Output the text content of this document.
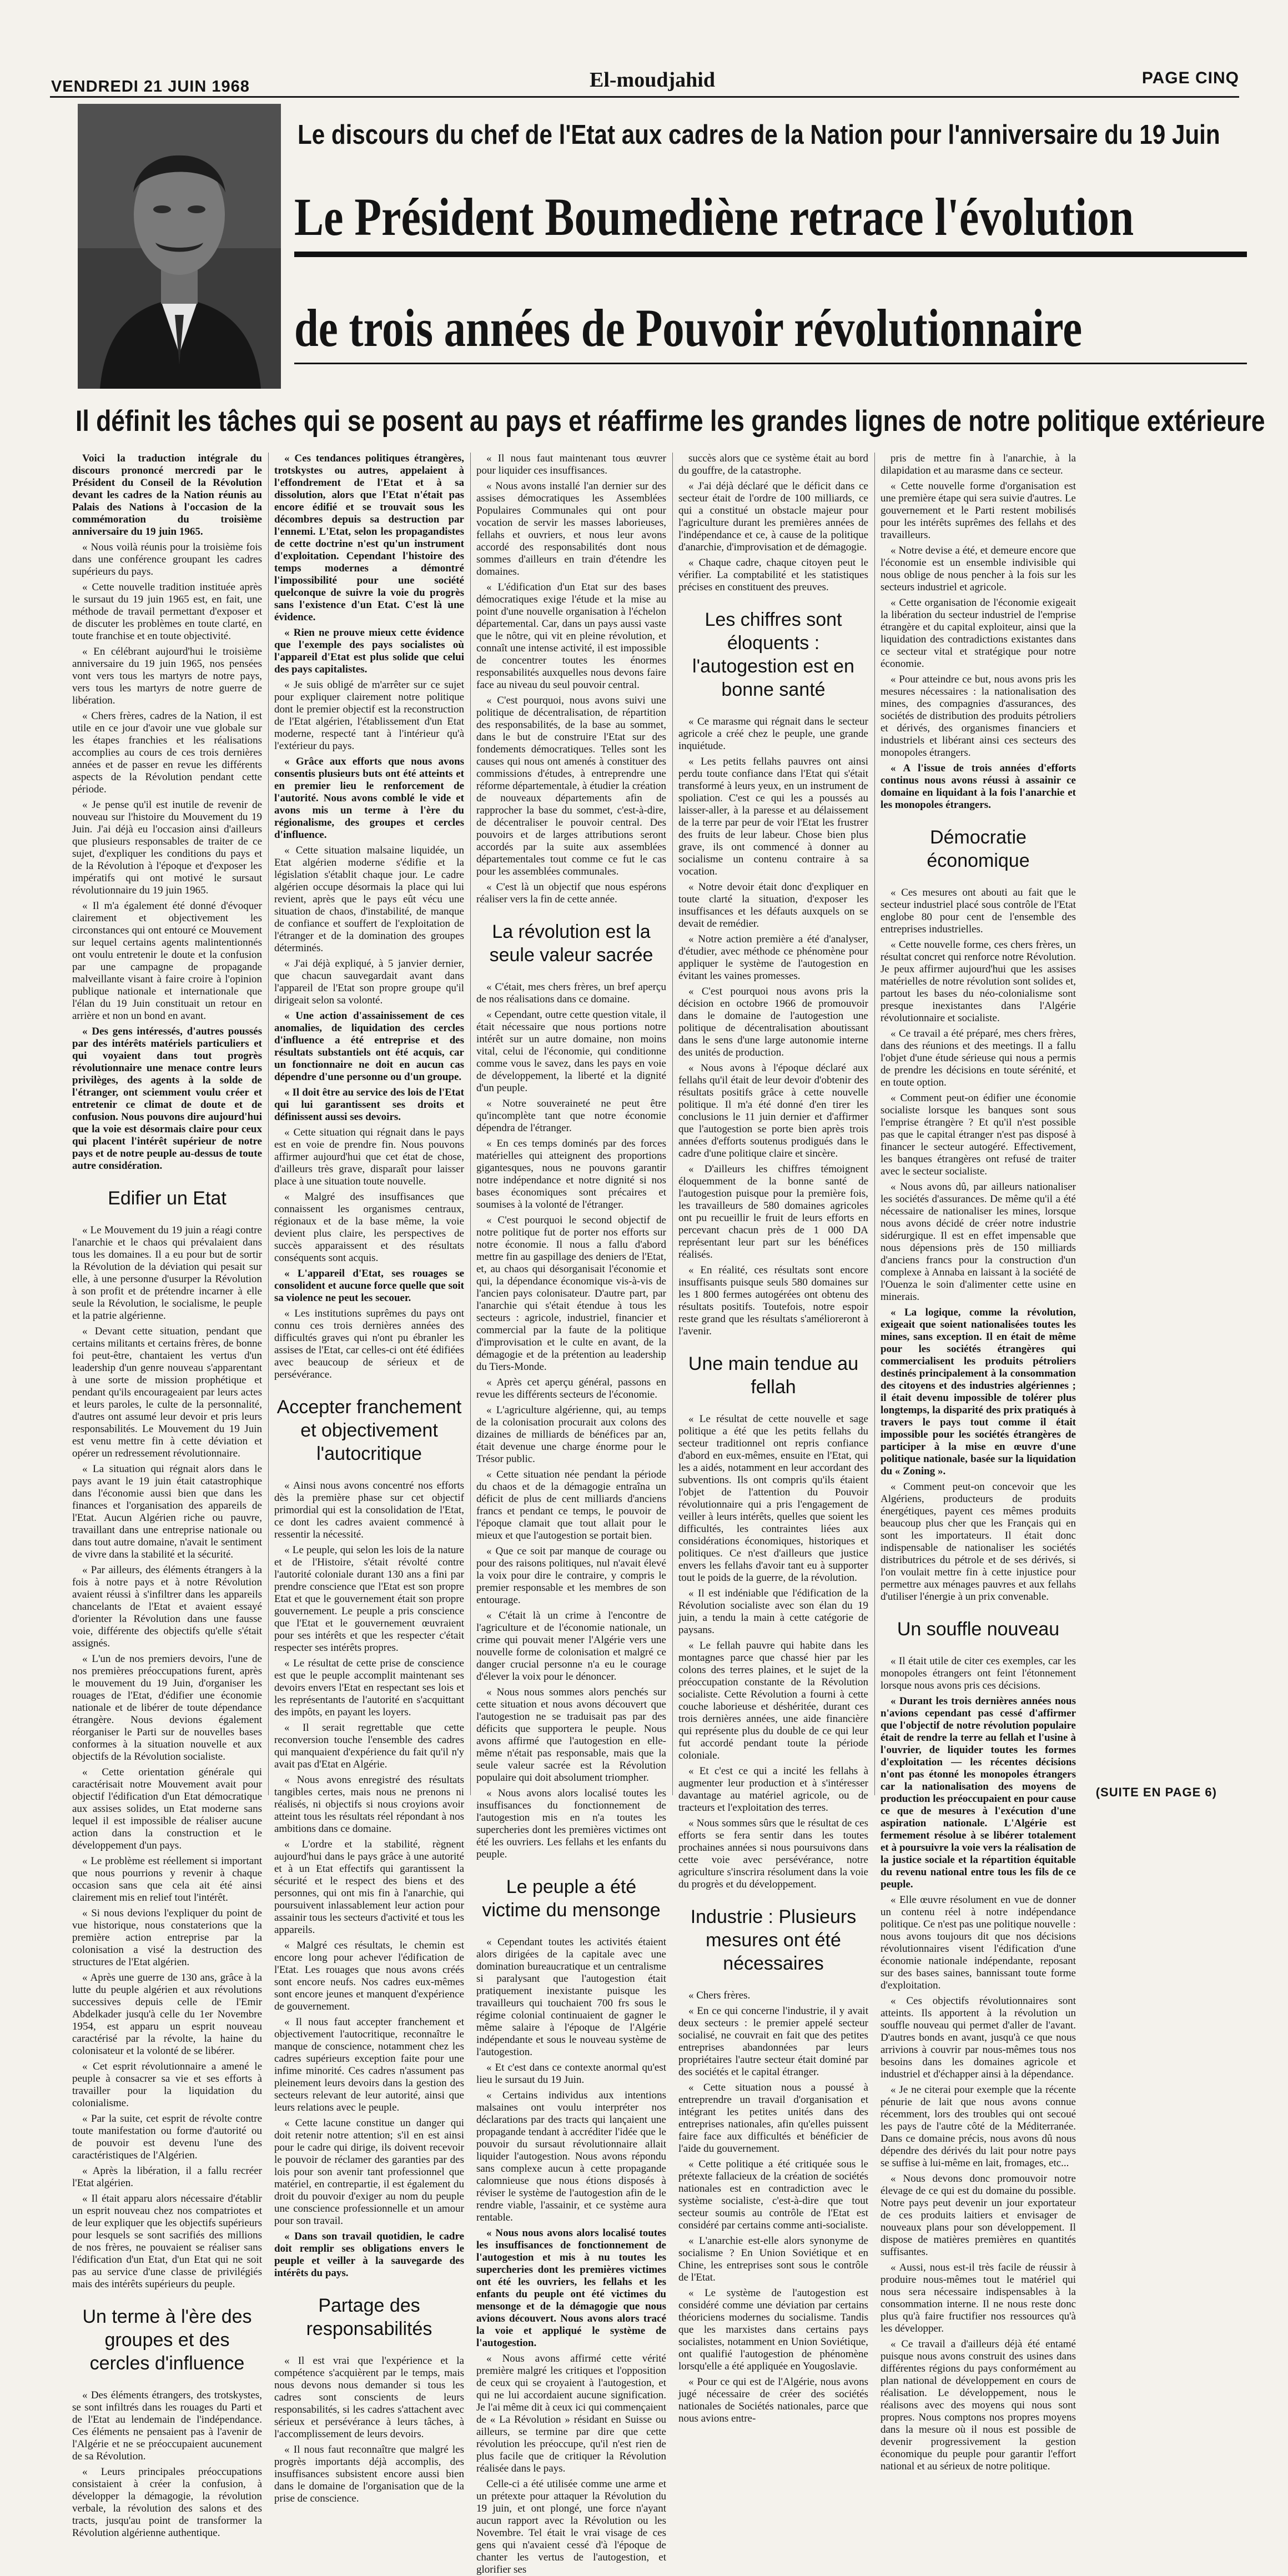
VENDREDI 21 JUIN 1968	El-moudjahid	PAGE CINQ
Le discours du chef de l'Etat aux cadres de la Nation pour l'anniversaire du 19 Juin
Le Président Boumediène retrace l'évolution
de trois années de Pouvoir révolutionnaire
Il définit les tâches qui se posent au pays et réaffirme les grandes lignes de notre politique extérieure

Voici la traduction intégrale du discours prononcé mercredi par le Président du Conseil de la Révolution devant les cadres de la Nation réunis au Palais des Nations à l'occasion de la commémoration du troisième anniversaire du 19 juin 1965.

« Nous voilà réunis pour la troisième fois dans une conférence groupant les cadres supérieurs du pays.

« Cette nouvelle tradition instituée après le sursaut du 19 juin 1965 est, en fait, une méthode de travail permettant d'exposer et de discuter les problèmes en toute clarté, en toute franchise et en toute objectivité.

« En célébrant aujourd'hui le troisième anniversaire du 19 juin 1965, nos pensées vont vers tous les martyrs de notre pays, vers tous les martyrs de notre guerre de libération.

« Chers frères, cadres de la Nation, il est utile en ce jour d'avoir une vue globale sur les étapes franchies et les réalisations accomplies au cours de ces trois dernières années et de passer en revue les différents aspects de la Révolution pendant cette période.

« Je pense qu'il est inutile de revenir de nouveau sur l'histoire du Mouvement du 19 Juin. J'ai déjà eu l'occasion ainsi d'ailleurs que plusieurs responsables de traiter de ce sujet, d'expliquer les conditions du pays et de la Révolution à l'époque et d'exposer les impératifs qui ont motivé le sursaut révolutionnaire du 19 juin 1965.

« Il m'a également été donné d'évoquer clairement et objectivement les circonstances qui ont entouré ce Mouvement sur lequel certains agents malintentionnés ont voulu entretenir le doute et la confusion par une campagne de propagande malveillante visant à faire croire à l'opinion publique nationale et internationale que l'élan du 19 Juin constituait un retour en arrière et non un bond en avant.

« Des gens intéressés, d'autres poussés par des intérêts matériels particuliers et qui voyaient dans tout progrès révolutionnaire une menace contre leurs privilèges, des agents à la solde de l'étranger, ont sciemment voulu créer et entretenir ce climat de doute et de confusion. Nous pouvons dire aujourd'hui que la voie est désormais claire pour ceux qui placent l'intérêt supérieur de notre pays et de notre peuple au-dessus de toute autre considération.

Edifier un Etat

« Le Mouvement du 19 juin a réagi contre l'anarchie et le chaos qui prévalaient dans tous les domaines. Il a eu pour but de sortir la Révolution de la déviation qui pesait sur elle, à une personne d'usurper la Révolution à son profit et de prétendre incarner à elle seule la Révolution, le socialisme, le peuple et la patrie algérienne.

« Devant cette situation, pendant que certains militants et certains frères, de bonne foi peut-être, chantaient les vertus d'un leadership d'un genre nouveau s'apparentant à une sorte de mission prophétique et pendant qu'ils encourageaient par leurs actes et leurs paroles, le culte de la personnalité, d'autres ont assumé leur devoir et pris leurs responsabilités. Le Mouvement du 19 Juin est venu mettre fin à cette déviation et opérer un redressement révolutionnaire.

« La situation qui régnait alors dans le pays avant le 19 juin était catastrophique dans l'économie aussi bien que dans les finances et l'organisation des appareils de l'Etat. Aucun Algérien riche ou pauvre, travaillant dans une entreprise nationale ou dans tout autre domaine, n'avait le sentiment de vivre dans la stabilité et la sécurité.

« Par ailleurs, des éléments étrangers à la fois à notre pays et à notre Révolution avaient réussi à s'infiltrer dans les appareils chancelants de l'Etat et avaient essayé d'orienter la Révolution dans une fausse voie, différente des objectifs qu'elle s'était assignés.

« L'un de nos premiers devoirs, l'une de nos premières préoccupations furent, après le mouvement du 19 Juin, d'organiser les rouages de l'Etat, d'édifier une économie nationale et de libérer de toute dépendance étrangère. Nous devions également réorganiser le Parti sur de nouvelles bases conformes à la situation nouvelle et aux objectifs de la Révolution socialiste.

« Cette orientation générale qui caractérisait notre Mouvement avait pour objectif l'édification d'un Etat démocratique aux assises solides, un Etat moderne sans lequel il est impossible de réaliser aucune action dans la construction et le développement d'un pays.

« Le problème est réellement si important que nous pourrions y revenir à chaque occasion sans que cela ait été ainsi clairement mis en relief tout l'intérêt.

« Si nous devions l'expliquer du point de vue historique, nous constaterions que la première action entreprise par la colonisation a visé la destruction des structures de l'Etat algérien.

« Après une guerre de 130 ans, grâce à la lutte du peuple algérien et aux révolutions successives depuis celle de l'Emir Abdelkader jusqu'à celle du 1er Novembre 1954, est apparu un esprit nouveau caractérisé par la révolte, la haine du colonisateur et la volonté de se libérer.

« Cet esprit révolutionnaire a amené le peuple à consacrer sa vie et ses efforts à travailler pour la liquidation du colonialisme.

« Par la suite, cet esprit de révolte contre toute manifestation ou forme d'autorité ou de pouvoir est devenu l'une des caractéristiques de l'Algérien.

« Après la libération, il a fallu recréer l'Etat algérien.

« Il était apparu alors nécessaire d'établir un esprit nouveau chez nos compatriotes et de leur expliquer que les objectifs supérieurs pour lesquels se sont sacrifiés des millions de nos frères, ne pouvaient se réaliser sans l'édification d'un Etat, d'un Etat qui ne soit pas au service d'une classe de privilégiés mais des intérêts supérieurs du peuple.

Un terme à l'ère des groupes et des cercles d'influence

« Des éléments étrangers, des trotskystes, se sont infiltrés dans les rouages du Parti et de l'Etat au lendemain de l'indépendance. Ces éléments ne pensaient pas à l'avenir de l'Algérie et ne se préoccupaient aucunement de sa Révolution.

« Leurs principales préoccupations consistaient à créer la confusion, à développer la démagogie, la révolution verbale, la révolution des salons et des tracts, jusqu'au point de transformer la Révolution algérienne authentique.

« Ces tendances politiques étrangères, trotskystes ou autres, appelaient à l'effondrement de l'Etat et à sa dissolution, alors que l'Etat n'était pas encore édifié et se trouvait sous les décombres depuis sa destruction par l'ennemi. L'Etat, selon les propagandistes de cette doctrine n'est qu'un instrument d'exploitation. Cependant l'histoire des temps modernes a démontré l'impossibilité pour une société quelconque de suivre la voie du progrès sans l'existence d'un Etat. C'est là une évidence.

« Rien ne prouve mieux cette évidence que l'exemple des pays socialistes où l'appareil d'Etat est plus solide que celui des pays capitalistes.

« Je suis obligé de m'arrêter sur ce sujet pour expliquer clairement notre politique dont le premier objectif est la reconstruction de l'Etat algérien, l'établissement d'un Etat moderne, respecté tant à l'intérieur qu'à l'extérieur du pays.

« Grâce aux efforts que nous avons consentis plusieurs buts ont été atteints et en premier lieu le renforcement de l'autorité. Nous avons comblé le vide et avons mis un terme à l'ère du régionalisme, des groupes et cercles d'influence.

« Cette situation malsaine liquidée, un Etat algérien moderne s'édifie et la législation s'établit chaque jour. Le cadre algérien occupe désormais la place qui lui revient, après que le pays eût vécu une situation de chaos, d'instabilité, de manque de confiance et souffert de l'exploitation de l'étranger et de la domination des groupes déterminés.

« J'ai déjà expliqué, à 5 janvier dernier, que chacun sauvegardait avant dans l'appareil de l'Etat son propre groupe qu'il dirigeait selon sa volonté.

« Une action d'assainissement de ces anomalies, de liquidation des cercles d'influence a été entreprise et des résultats substantiels ont été acquis, car un fonctionnaire ne doit en aucun cas dépendre d'une personne ou d'un groupe.

« Il doit être au service des lois de l'Etat qui lui garantissent ses droits et définissent aussi ses devoirs.

« Cette situation qui régnait dans le pays est en voie de prendre fin. Nous pouvons affirmer aujourd'hui que cet état de chose, d'ailleurs très grave, disparaît pour laisser place à une situation toute nouvelle.

« Malgré des insuffisances que connaissent les organismes centraux, régionaux et de la base même, la voie devient plus claire, les perspectives de succès apparaissent et des résultats conséquents sont acquis.

« L'appareil d'Etat, ses rouages se consolident et aucune force quelle que soit sa violence ne peut les secouer.

« Les institutions suprêmes du pays ont connu ces trois dernières années des difficultés graves qui n'ont pu ébranler les assises de l'Etat, car celles-ci ont été édifiées avec beaucoup de sérieux et de persévérance.

Accepter franchement et objectivement l'autocritique

« Ainsi nous avons concentré nos efforts dès la première phase sur cet objectif primordial qui est la consolidation de l'Etat, ce dont les cadres avaient commencé à ressentir la nécessité.

« Le peuple, qui selon les lois de la nature et de l'Histoire, s'était révolté contre l'autorité coloniale durant 130 ans a fini par prendre conscience que l'Etat est son propre Etat et que le gouvernement était son propre gouvernement. Le peuple a pris conscience que l'Etat et le gouvernement œuvraient pour ses intérêts et que les respecter c'était respecter ses intérêts propres.

« Le résultat de cette prise de conscience est que le peuple accomplit maintenant ses devoirs envers l'Etat en respectant ses lois et les représentants de l'autorité en s'acquittant des impôts, en payant les loyers.

« Il serait regrettable que cette reconversion touche l'ensemble des cadres qui manquaient d'expérience du fait qu'il n'y avait pas d'Etat en Algérie.

« Nous avons enregistré des résultats tangibles certes, mais nous ne prenons ni réalisés, ni objectifs si nous croyions avoir atteint tous les résultats réel répondant à nos ambitions dans ce domaine.

« L'ordre et la stabilité, règnent aujourd'hui dans le pays grâce à une autorité et à un Etat effectifs qui garantissent la sécurité et le respect des biens et des personnes, qui ont mis fin à l'anarchie, qui poursuivent inlassablement leur action pour assainir tous les secteurs d'activité et tous les appareils.

« Malgré ces résultats, le chemin est encore long pour achever l'édification de l'Etat. Les rouages que nous avons créés sont encore neufs. Nos cadres eux-mêmes sont encore jeunes et manquent d'expérience de gouvernement.

« Il nous faut accepter franchement et objectivement l'autocritique, reconnaître le manque de conscience, notamment chez les cadres supérieurs exception faite pour une infime minorité. Ces cadres n'assument pas pleinement leurs devoirs dans la gestion des secteurs relevant de leur autorité, ainsi que leurs relations avec le peuple.

« Cette lacune constitue un danger qui doit retenir notre attention; s'il en est ainsi pour le cadre qui dirige, ils doivent recevoir le pouvoir de réclamer des garanties par des lois pour son avenir tant professionnel que matériel, en contrepartie, il est également du droit du pouvoir d'exiger au nom du peuple une conscience professionnelle et un amour pour son travail.

« Dans son travail quotidien, le cadre doit remplir ses obligations envers le peuple et veiller à la sauvegarde des intérêts du pays.

Partage des responsabilités

« Il est vrai que l'expérience et la compétence s'acquièrent par le temps, mais nous devons nous demander si tous les cadres sont conscients de leurs responsabilités, si les cadres s'attachent avec sérieux et persévérance à leurs tâches, à l'accomplissement de leurs devoirs.

« Il nous faut reconnaître que malgré les progrès importants déjà accomplis, des insuffisances subsistent encore aussi bien dans le domaine de l'organisation que de la prise de conscience.

« Il nous faut maintenant tous œuvrer pour liquider ces insuffisances.

« Nous avons installé l'an dernier sur des assises démocratiques les Assemblées Populaires Communales qui ont pour vocation de servir les masses laborieuses, fellahs et ouvriers, et nous leur avons accordé des responsabilités dont nous sommes d'ailleurs en train d'étendre les domaines.

« L'édification d'un Etat sur des bases démocratiques exige l'étude et la mise au point d'une nouvelle organisation à l'échelon départemental. Car, dans un pays aussi vaste que le nôtre, qui vit en pleine révolution, et connaît une intense activité, il est impossible de concentrer toutes les énormes responsabilités auxquelles nous devons faire face au niveau du seul pouvoir central.

« C'est pourquoi, nous avons suivi une politique de décentralisation, de répartition des responsabilités, de la base au sommet, dans le but de construire l'Etat sur des fondements démocratiques. Telles sont les causes qui nous ont amenés à constituer des commissions d'études, à entreprendre une réforme départementale, à étudier la création de nouveaux départements afin de rapprocher la base du sommet, c'est-à-dire, de décentraliser le pouvoir central. Des pouvoirs et de larges attributions seront accordés par la suite aux assemblées départementales tout comme ce fut le cas pour les assemblées communales.

« C'est là un objectif que nous espérons réaliser vers la fin de cette année.

La révolution est la seule valeur sacrée

« C'était, mes chers frères, un bref aperçu de nos réalisations dans ce domaine.

« Cependant, outre cette question vitale, il était nécessaire que nous portions notre intérêt sur un autre domaine, non moins vital, celui de l'économie, qui conditionne comme vous le savez, dans les pays en voie de développement, la liberté et la dignité d'un peuple.

« Notre souveraineté ne peut être qu'incomplète tant que notre économie dépendra de l'étranger.

« En ces temps dominés par des forces matérielles qui atteignent des proportions gigantesques, nous ne pouvons garantir notre indépendance et notre dignité si nos bases économiques sont précaires et soumises à la volonté de l'étranger.

« C'est pourquoi le second objectif de notre politique fut de porter nos efforts sur notre économie. Il nous a fallu d'abord mettre fin au gaspillage des deniers de l'Etat, et, au chaos qui désorganisait l'économie et qui, la dépendance économique vis-à-vis de l'ancien pays colonisateur. D'autre part, par l'anarchie qui s'était étendue à tous les secteurs : agricole, industriel, financier et commercial par la faute de la politique d'improvisation et le culte en avant, de la démagogie et de la prétention au leadership du Tiers-Monde.

« Après cet aperçu général, passons en revue les différents secteurs de l'économie.

« L'agriculture algérienne, qui, au temps de la colonisation procurait aux colons des dizaines de milliards de bénéfices par an, était devenue une charge énorme pour le Trésor public.

« Cette situation née pendant la période du chaos et de la démagogie entraîna un déficit de plus de cent milliards d'anciens francs et pendant ce temps, le pouvoir de l'époque clamait que tout allait pour le mieux et que l'autogestion se portait bien.

« Que ce soit par manque de courage ou pour des raisons politiques, nul n'avait élevé la voix pour dire le contraire, y compris le premier responsable et les membres de son entourage.

« C'était là un crime à l'encontre de l'agriculture et de l'économie nationale, un crime qui pouvait mener l'Algérie vers une nouvelle forme de colonisation et malgré ce danger crucial personne n'a eu le courage d'élever la voix pour le dénoncer.

« Nous nous sommes alors penchés sur cette situation et nous avons découvert que l'autogestion ne se traduisait pas par des déficits que supportera le peuple. Nous avons affirmé que l'autogestion en elle-même n'était pas responsable, mais que la seule valeur sacrée est la Révolution populaire qui doit absolument triompher.

« Nous avons alors localisé toutes les insuffisances du fonctionnement de l'autogestion mis en n'a toutes les supercheries dont les premières victimes ont été les ouvriers. Les fellahs et les enfants du peuple.

Le peuple a été victime du mensonge

« Cependant toutes les activités étaient alors dirigées de la capitale avec une domination bureaucratique et un centralisme si paralysant que l'autogestion était pratiquement inexistante puisque les travailleurs qui touchaient 700 frs sous le régime colonial continuaient de gagner le même salaire à l'époque de l'Algérie indépendante et sous le nouveau système de l'autogestion.

« Et c'est dans ce contexte anormal qu'est lieu le sursaut du 19 Juin.

« Certains individus aux intentions malsaines ont voulu interpréter nos déclarations par des tracts qui lançaient une propagande tendant à accréditer l'idée que le pouvoir du sursaut révolutionnaire allait liquider l'autogestion. Nous avons répondu sans complexe aucun à cette propagande calomnieuse que nous étions disposés à réviser le système de l'autogestion afin de le rendre viable, l'assainir, et ce système aura rentable.

« Nous nous avons alors localisé toutes les insuffisances de fonctionnement de l'autogestion et mis à nu toutes les supercheries dont les premières victimes ont été les ouvriers, les fellahs et les enfants du peuple ont été victimes du mensonge et de la démagogie que nous avions découvert. Nous avons alors tracé la voie et appliqué le système de l'autogestion.

« Nous avons affirmé cette vérité première malgré les critiques et l'opposition de ceux qui se croyaient à l'autogestion, et qui ne lui accordaient aucune signification. Je l'ai même dit à ceux ici qui commençaient de « La Révolution » résidant en Suisse ou ailleurs, se termine par dire que cette révolution les préoccupe, qu'il n'est rien de plus facile que de critiquer la Révolution réalisée dans le pays.

Celle-ci a été utilisée comme une arme et un prétexte pour attaquer la Révolution du 19 juin, et ont plongé, une force n'ayant aucun rapport avec la Révolution ou les Novembre. Tel était le vrai visage de ces gens qui n'avaient cessé d'à l'époque de chanter les vertus de l'autogestion, et glorifier ses

succès alors que ce système était au bord du gouffre, de la catastrophe.

« J'ai déjà déclaré que le déficit dans ce secteur était de l'ordre de 100 milliards, ce qui a constitué un obstacle majeur pour l'agriculture durant les premières années de l'indépendance et ce, à cause de la politique d'anarchie, d'improvisation et de démagogie.

« Chaque cadre, chaque citoyen peut le vérifier. La comptabilité et les statistiques précises en constituent des preuves.

Les chiffres sont éloquents : l'autogestion est en bonne santé

« Ce marasme qui régnait dans le secteur agricole a créé chez le peuple, une grande inquiétude.

« Les petits fellahs pauvres ont ainsi perdu toute confiance dans l'Etat qui s'était transformé à leurs yeux, en un instrument de spoliation. C'est ce qui les a poussés au laisser-aller, à la paresse et au délaissement de la terre par peur de voir l'Etat les frustrer des fruits de leur labeur. Chose bien plus grave, ils ont commencé à donner au socialisme un contenu contraire à sa vocation.

« Notre devoir était donc d'expliquer en toute clarté la situation, d'exposer les insuffisances et les défauts auxquels on se devait de remédier.

« Notre action première a été d'analyser, d'étudier, avec méthode ce phénomène pour appliquer le système de l'autogestion en évitant les vaines promesses.

« C'est pourquoi nous avons pris la décision en octobre 1966 de promouvoir dans le domaine de l'autogestion une politique de décentralisation aboutissant dans le sens d'une large autonomie interne des unités de production.

« Nous avons à l'époque déclaré aux fellahs qu'il était de leur devoir d'obtenir des résultats positifs grâce à cette nouvelle politique. Il m'a été donné d'en tirer les conclusions le 11 juin dernier et d'affirmer que l'autogestion se porte bien après trois années d'efforts soutenus prodigués dans le cadre d'une politique claire et sincère.

« D'ailleurs les chiffres témoignent éloquemment de la bonne santé de l'autogestion puisque pour la première fois, les travailleurs de 580 domaines agricoles ont pu recueillir le fruit de leurs efforts en percevant chacun près de 1 000 DA représentant leur part sur les bénéfices réalisés.

« En réalité, ces résultats sont encore insuffisants puisque seuls 580 domaines sur les 1 800 fermes autogérées ont obtenu des résultats positifs. Toutefois, notre espoir reste grand que les résultats s'amélioreront à l'avenir.

Une main tendue au fellah

« Le résultat de cette nouvelle et sage politique a été que les petits fellahs du secteur traditionnel ont repris confiance d'abord en eux-mêmes, ensuite en l'Etat, qui les a aidés, notamment en leur accordant des subventions. Ils ont compris qu'ils étaient l'objet de l'attention du Pouvoir révolutionnaire qui a pris l'engagement de veiller à leurs intérêts, quelles que soient les difficultés, les contraintes liées aux considérations économiques, historiques et politiques. Ce n'est d'ailleurs que justice envers les fellahs d'avoir tant eu à supporter tout le poids de la guerre, de la révolution.

« Il est indéniable que l'édification de la Révolution socialiste avec son élan du 19 juin, a tendu la main à cette catégorie de paysans.

« Le fellah pauvre qui habite dans les montagnes parce que chassé hier par les colons des terres plaines, et le sujet de la préoccupation constante de la Révolution socialiste. Cette Révolution a fourni à cette couche laborieuse et déshéritée, durant ces trois dernières années, une aide financière qui représente plus du double de ce qui leur fut accordé pendant toute la période coloniale.

« Et c'est ce qui a incité les fellahs à augmenter leur production et à s'intéresser davantage au matériel agricole, ou de tracteurs et l'exploitation des terres.

« Nous sommes sûrs que le résultat de ces efforts se fera sentir dans les toutes prochaines années si nous poursuivons dans cette voie avec persévérance, notre agriculture s'inscrira résolument dans la voie du progrès et du développement.

Industrie : Plusieurs mesures ont été nécessaires

« Chers frères.

« En ce qui concerne l'industrie, il y avait deux secteurs : le premier appelé secteur socialisé, ne couvrait en fait que des petites entreprises abandonnées par leurs propriétaires l'autre secteur était dominé par des sociétés et le capital étranger.

« Cette situation nous a poussé à entreprendre un travail d'organisation et intégrant les petites unités dans des entreprises nationales, afin qu'elles puissent faire face aux difficultés et bénéficier de l'aide du gouvernement.

« Cette politique a été critiquée sous le prétexte fallacieux de la création de sociétés nationales est en contradiction avec le système socialiste, c'est-à-dire que tout secteur soumis au contrôle de l'Etat est considéré par certains comme anti-socialiste.

« L'anarchie est-elle alors synonyme de socialisme ? En Union Soviétique et en Chine, les entreprises sont sous le contrôle de l'Etat.

« Le système de l'autogestion est considéré comme une déviation par certains théoriciens modernes du socialisme. Tandis que les marxistes dans certains pays socialistes, notamment en Union Soviétique, ont qualifié l'autogestion de phénomène lorsqu'elle a été appliquée en Yougoslavie.

« Pour ce qui est de l'Algérie, nous avons jugé nécessaire de créer des sociétés nationales de Sociétés nationales, parce que nous avions entre-

pris de mettre fin à l'anarchie, à la dilapidation et au marasme dans ce secteur.

« Cette nouvelle forme d'organisation est une première étape qui sera suivie d'autres. Le gouvernement et le Parti restent mobilisés pour les intérêts suprêmes des fellahs et des travailleurs.

« Notre devise a été, et demeure encore que l'économie est un ensemble indivisible qui nous oblige de nous pencher à la fois sur les secteurs industriel et agricole.

« Cette organisation de l'économie exigeait la libération du secteur industriel de l'emprise étrangère et du capital exploiteur, ainsi que la liquidation des contradictions existantes dans ce secteur vital et stratégique pour notre économie.

« Pour atteindre ce but, nous avons pris les mesures nécessaires : la nationalisation des mines, des compagnies d'assurances, des sociétés de distribution des produits pétroliers et dérivés, des organismes financiers et industriels et libérant ainsi ces secteurs des monopoles étrangers.

« A l'issue de trois années d'efforts continus nous avons réussi à assainir ce domaine en liquidant à la fois l'anarchie et les monopoles étrangers.

Démocratie économique

« Ces mesures ont abouti au fait que le secteur industriel placé sous contrôle de l'Etat englobe 80 pour cent de l'ensemble des entreprises industrielles.

« Cette nouvelle forme, ces chers frères, un résultat concret qui renforce notre Révolution. Je peux affirmer aujourd'hui que les assises matérielles de notre révolution sont solides et, partout les bases du néo-colonialisme sont presque inexistantes dans l'Algérie révolutionnaire et socialiste.

« Ce travail a été préparé, mes chers frères, dans des réunions et des meetings. Il a fallu l'objet d'une étude sérieuse qui nous a permis de prendre les décisions en toute sérénité, et en toute option.

« Comment peut-on édifier une économie socialiste lorsque les banques sont sous l'emprise étrangère ? Et qu'il n'est possible pas que le capital étranger n'est pas disposé à financer le secteur autogéré. Effectivement, les banques étrangères ont refusé de traiter avec le secteur socialiste.

« Nous avons dû, par ailleurs nationaliser les sociétés d'assurances. De même qu'il a été nécessaire de nationaliser les mines, lorsque nous avons décidé de créer notre industrie sidérurgique. Il est en effet impensable que nous dépensions près de 150 milliards d'anciens francs pour la construction d'un complexe à Annaba en laissant à la société de l'Ouenza le soin d'alimenter cette usine en minerais.

« La logique, comme la révolution, exigeait que soient nationalisées toutes les mines, sans exception. Il en était de même pour les sociétés étrangères qui commercialisent les produits pétroliers destinés principalement à la consommation des citoyens et des industries algériennes ; il était devenu impossible de tolérer plus longtemps, la disparité des prix pratiqués à travers le pays tout comme il était impossible pour les sociétés étrangères de participer à la mise en œuvre d'une politique nationale, basée sur la liquidation du « Zoning ».

« Comment peut-on concevoir que les Algériens, producteurs de produits énergétiques, payent ces mêmes produits beaucoup plus cher que les Français qui en sont les importateurs. Il était donc indispensable de nationaliser les sociétés distributrices du pétrole et de ses dérivés, si l'on voulait mettre fin à cette injustice pour permettre aux ménages pauvres et aux fellahs d'utiliser l'énergie à un prix convenable.

Un souffle nouveau

« Il était utile de citer ces exemples, car les monopoles étrangers ont feint l'étonnement lorsque nous avons pris ces décisions.

« Durant les trois dernières années nous n'avions cependant pas cessé d'affirmer que l'objectif de notre révolution populaire était de rendre la terre au fellah et l'usine à l'ouvrier, de liquider toutes les formes d'exploitation — les récentes décisions n'ont pas étonné les monopoles étrangers car la nationalisation des moyens de production les préoccupaient en pour cause ce que de mesures à l'exécution d'une aspiration nationale. L'Algérie est fermement résolue à se libérer totalement et à poursuivre la voie vers la réalisation de la justice sociale et la répartition équitable du revenu national entre tous les fils de ce peuple.

« Elle œuvre résolument en vue de donner un contenu réel à notre indépendance politique. Ce n'est pas une politique nouvelle : nous avons toujours dit que nos décisions révolutionnaires visent l'édification d'une économie nationale indépendante, reposant sur des bases saines, bannissant toute forme d'exploitation.

« Ces objectifs révolutionnaires sont atteints. Ils apportent à la révolution un souffle nouveau qui permet d'aller de l'avant. D'autres bonds en avant, jusqu'à ce que nous arrivions à couvrir par nous-mêmes tous nos besoins dans les domaines agricole et industriel et d'échapper ainsi à la dépendance.

« Je ne citerai pour exemple que la récente pénurie de lait que nous avons connue récemment, lors des troubles qui ont secoué les pays de l'autre côté de la Méditerranée. Dans ce domaine précis, nous avons dû nous dépendre des dérivés du lait pour notre pays se suffise à lui-même en lait, fromages, etc...

« Nous devons donc promouvoir notre élevage de ce qui est du domaine du possible. Notre pays peut devenir un jour exportateur de ces produits laitiers et envisager de nouveaux plans pour son développement. Il dispose de matières premières en quantités suffisantes.

« Aussi, nous est-il très facile de réussir à produire nous-mêmes tout le matériel qui nous sera nécessaire indispensables à la consommation interne. Il ne nous reste donc plus qu'à faire fructifier nos ressources qu'à les développer.

« Ce travail a d'ailleurs déjà été entamé puisque nous avons construit des usines dans différentes régions du pays conformément au plan national de développement en cours de réalisation. Le développement, nous le réalisons avec des moyens qui nous sont propres. Nous comptons nos propres moyens dans la mesure où il nous est possible de devenir progressivement la gestion économique du peuple pour garantir l'effort national et au sérieux de notre politique.

(SUITE EN PAGE 6)
